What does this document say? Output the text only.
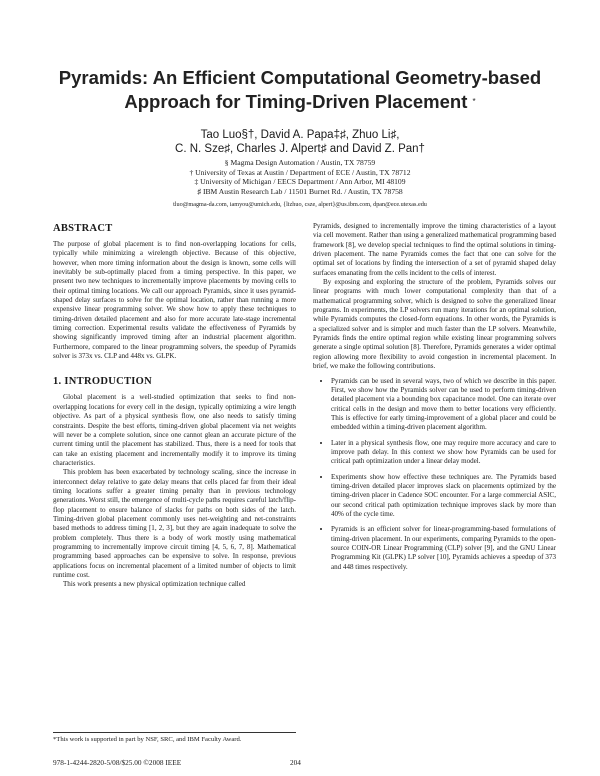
Pyramids: An Efficient Computational Geometry-based
Approach for Timing-Driven Placement *
Tao Luo§†, David A. Papa‡♯, Zhuo Li♯,
C. N. Sze♯, Charles J. Alpert♯ and David Z. Pan†
§ Magma Design Automation / Austin, TX 78759
† University of Texas at Austin / Department of ECE / Austin, TX 78712
‡ University of Michigan / EECS Department / Ann Arbor, MI 48109
♯ IBM Austin Research Lab / 11501 Burnet Rd. / Austin, TX 78758
tluo@magma-da.com, iamyou@umich.edu, {lizhuo, csze, alpert}@us.ibm.com, dpan@ece.utexas.edu
ABSTRACT

The purpose of global placement is to find non-overlapping locations for cells, typically while minimizing a wirelength objective. Because of this objective, however, when more timing information about the design is known, some cells will inevitably be sub-optimally placed from a timing perspective. In this paper, we present two new techniques to incrementally improve placements by moving cells to their optimal timing locations. We call our approach Pyramids, since it uses pyramid-shaped delay surfaces to solve for the optimal location, rather than running a more expensive linear programming solver. We show how to apply these techniques to timing-driven detailed placement and also for more accurate late-stage incremental timing correction. Experimental results validate the effectiveness of Pyramids by showing significantly improved timing after an industrial placement algorithm. Furthermore, compared to the linear programming solvers, the speedup of Pyramids solver is 373x vs. CLP and 448x vs. GLPK.

1. INTRODUCTION

Global placement is a well-studied optimization that seeks to find non-overlapping locations for every cell in the design, typically optimizing a wire length objective. As part of a physical synthesis flow, one also needs to satisfy timing constraints. Despite the best efforts, timing-driven global placement via net weights will never be a complete solution, since one cannot glean an accurate picture of the current timing until the placement has stabilized. Thus, there is a need for tools that can take an existing placement and incrementally modify it to improve its timing characteristics.

This problem has been exacerbated by technology scaling, since the increase in interconnect delay relative to gate delay means that cells placed far from their ideal timing locations suffer a greater timing penalty than in previous technology generations. Worst still, the emergence of multi-cycle paths requires careful latch/flip-flop placement to ensure balance of slacks for paths on both sides of the latch. Timing-driven global placement commonly uses net-weighting and net-constraints based methods to address timing [1, 2, 3], but they are again inadequate to solve the problem completely. Thus there is a body of work mostly using mathematical programming to incrementally improve circuit timing [4, 5, 6, 7, 8]. Mathematical programming based approaches can be expensive to solve. In response, previous applications focus on incremental placement of a limited number of objects to limit runtime cost.

This work presents a new physical optimization technique called

Pyramids, designed to incrementally improve the timing characteristics of a layout via cell movement. Rather than using a generalized mathematical programming based framework [8], we develop special techniques to find the optimal solutions in timing-driven placement. The name Pyramids comes the fact that one can solve for the optimal set of locations by finding the intersection of a set of pyramid shaped delay surfaces emanating from the cells incident to the cells of interest.

By exposing and exploring the structure of the problem, Pyramids solves our linear programs with much lower computational complexity than that of a mathematical programming solver, which is designed to solve the generalized linear programs. In experiments, the LP solvers run many iterations for an optimal solution, while Pyramids computes the closed-form equations. In other words, the Pyramids is a specialized solver and is simpler and much faster than the LP solvers. Meanwhile, Pyramids finds the entire optimal region while existing linear programming solvers generate a single optimal solution [8]. Therefore, Pyramids generates a wider optimal region allowing more flexibility to avoid congestion in incremental placement. In brief, we make the following contributions.

• Pyramids can be used in several ways, two of which we describe in this paper. First, we show how the Pyramids solver can be used to perform timing-driven detailed placement via a bounding box capacitance model. One can iterate over critical cells in the design and move them to better locations very efficiently. This is effective for early timing-improvement of a global placer and could be embedded within a timing-driven placement algorithm.
• Later in a physical synthesis flow, one may require more accuracy and care to improve path delay. In this context we show how Pyramids can be used for critical path optimization under a linear delay model.
• Experiments show how effective these techniques are. The Pyramids based timing-driven detailed placer improves slack on placements optimized by the timing-driven placer in Cadence SOC encounter. For a large commercial ASIC, our second critical path optimization technique improves slack by more than 40% of the cycle time.
• Pyramids is an efficient solver for linear-programming-based formulations of timing-driven placement. In our experiments, comparing Pyramids to the open-source COIN-OR Linear Programming (CLP) solver [9], and the GNU Linear Programming Kit (GLPK) LP solver [10], Pyramids achieves a speedup of 373 and 448 times respectively.
*This work is supported in part by NSF, SRC, and IBM Faculty Award.
978-1-4244-2820-5/08/$25.00 ©2008 IEEE	204
